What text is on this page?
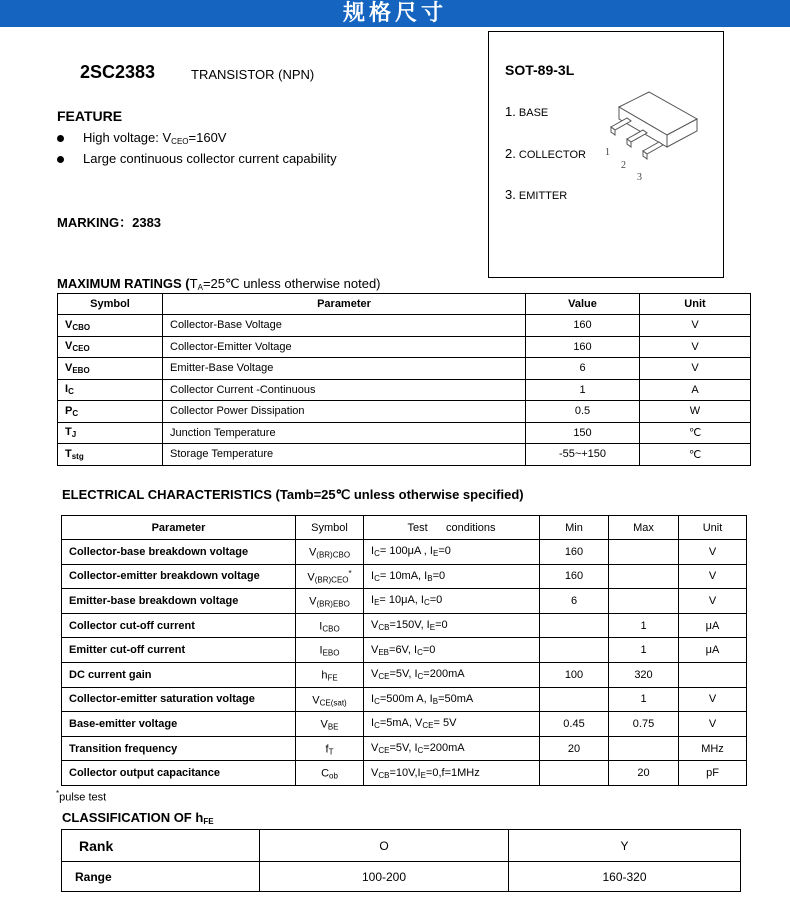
规格尺寸
2SC2383	TRANSISTOR (NPN)
FEATURE
High voltage: $V_{CEO}=160V$
Large continuous collector current capability
MARKING：2383
SOT-89-3L
1. BASE
2. COLLECTOR
3. EMITTER
1
2
3
MAXIMUM RATINGS ($T_A=25℃$ unless otherwise noted)
Symbol	Parameter	Value	Unit
$V_{CBO}$	Collector-Base Voltage	160	V
$V_{CEO}$	Collector-Emitter Voltage	160	V
$V_{EBO}$	Emitter-Base Voltage	6	V
$I_C$	Collector Current -Continuous	1	A
$P_C$	Collector Power Dissipation	0.5	W
$T_J$	Junction Temperature	150	℃
$T_{stg}$	Storage Temperature	-55~+150	℃
ELECTRICAL CHARACTERISTICS (Tamb=25℃ unless otherwise specified)
Parameter	Symbol	Test      conditions	Min	Max	Unit
Collector-base breakdown voltage	$V_{(BR)CBO}$	$I_C= 100\mu A$ , $I_E=0$	160		V
Collector-emitter breakdown voltage	$V_{(BR)CEO}^*$	$I_C= 10mA$, $I_B=0$	160		V
Emitter-base breakdown voltage	$V_{(BR)EBO}$	$I_E= 10\mu A$, $I_C=0$	6		V
Collector cut-off current	$I_{CBO}$	$V_{CB}=150V$, $I_E=0$		1	μA
Emitter cut-off current	$I_{EBO}$	$V_{EB}=6V$, $I_C=0$		1	μA
DC current gain	$h_{FE}$	$V_{CE}=5V$, $I_C=200mA$	100	320	
Collector-emitter saturation voltage	$V_{CE(sat)}$	$I_C=500m$ A, $I_B=50mA$		1	V
Base-emitter voltage	$V_{BE}$	$I_C=5mA$, $V_{CE}= 5V$	0.45	0.75	V
Transition frequency	$f_T$	$V_{CE}=5V$, $I_C=200mA$	20		MHz
Collector output capacitance	$C_{ob}$	$V_{CB}=10V,I_E=0,f=1MHz$		20	pF
*pulse test
CLASSIFICATION OF $h_{FE}$
Rank	O	Y
Range	100-200	160-320
